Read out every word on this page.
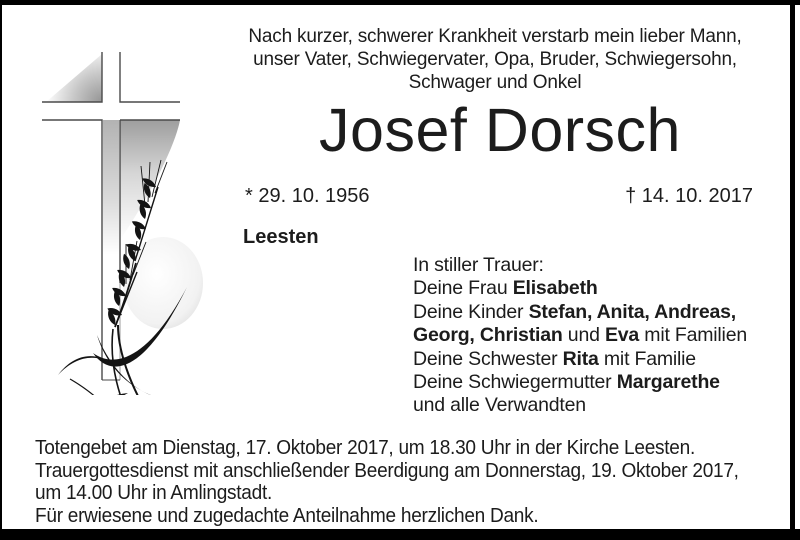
Nach kurzer, schwerer Krankheit verstarb mein lieber Mann,
unser Vater, Schwiegervater, Opa, Bruder, Schwiegersohn,
Schwager und Onkel
Josef Dorsch
* 29. 10. 1956	† 14. 10. 2017
Leesten
In stiller Trauer:
Deine Frau Elisabeth
Deine Kinder Stefan, Anita, Andreas,
Georg, Christian und Eva mit Familien
Deine Schwester Rita mit Familie
Deine Schwiegermutter Margarethe
und alle Verwandten
Totengebet am Dienstag, 17. Oktober 2017, um 18.30 Uhr in der Kirche Leesten.
Trauergottesdienst mit anschließender Beerdigung am Donnerstag, 19. Oktober 2017,
um 14.00 Uhr in Amlingstadt.
Für erwiesene und zugedachte Anteilnahme herzlichen Dank.
